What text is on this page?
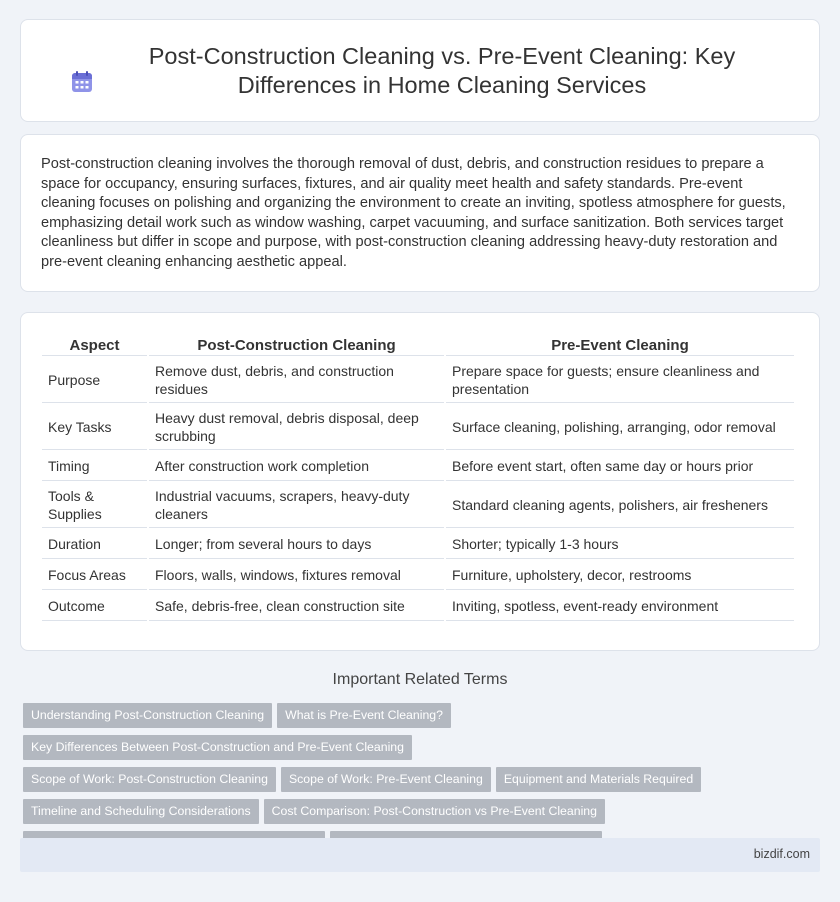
Post-Construction Cleaning vs. Pre-Event Cleaning: Key Differences in Home Cleaning Services

Post-construction cleaning involves the thorough removal of dust, debris, and construction residues to prepare a space for occupancy, ensuring surfaces, fixtures, and air quality meet health and safety standards. Pre-event cleaning focuses on polishing and organizing the environment to create an inviting, spotless atmosphere for guests, emphasizing detail work such as window washing, carpet vacuuming, and surface sanitization. Both services target cleanliness but differ in scope and purpose, with post-construction cleaning addressing heavy-duty restoration and pre-event cleaning enhancing aesthetic appeal.

Aspect	Post-Construction Cleaning	Pre-Event Cleaning
Purpose	Remove dust, debris, and construction residues	Prepare space for guests; ensure cleanliness and presentation
Key Tasks	Heavy dust removal, debris disposal, deep scrubbing	Surface cleaning, polishing, arranging, odor removal
Timing	After construction work completion	Before event start, often same day or hours prior
Tools & Supplies	Industrial vacuums, scrapers, heavy-duty cleaners	Standard cleaning agents, polishers, air fresheners
Duration	Longer; from several hours to days	Shorter; typically 1-3 hours
Focus Areas	Floors, walls, windows, fixtures removal	Furniture, upholstery, decor, restrooms
Outcome	Safe, debris-free, clean construction site	Inviting, spotless, event-ready environment
Important Related Terms
Understanding Post-Construction Cleaning What is Pre-Event Cleaning?Key Differences Between Post-Construction and Pre-Event Cleaning
Scope of Work: Post-Construction Cleaning Scope of Work: Pre-Event Cleaning Equipment and Materials Required
Timeline and Scheduling Considerations Cost Comparison: Post-Construction vs Pre-Event Cleaning

bizdif.com
